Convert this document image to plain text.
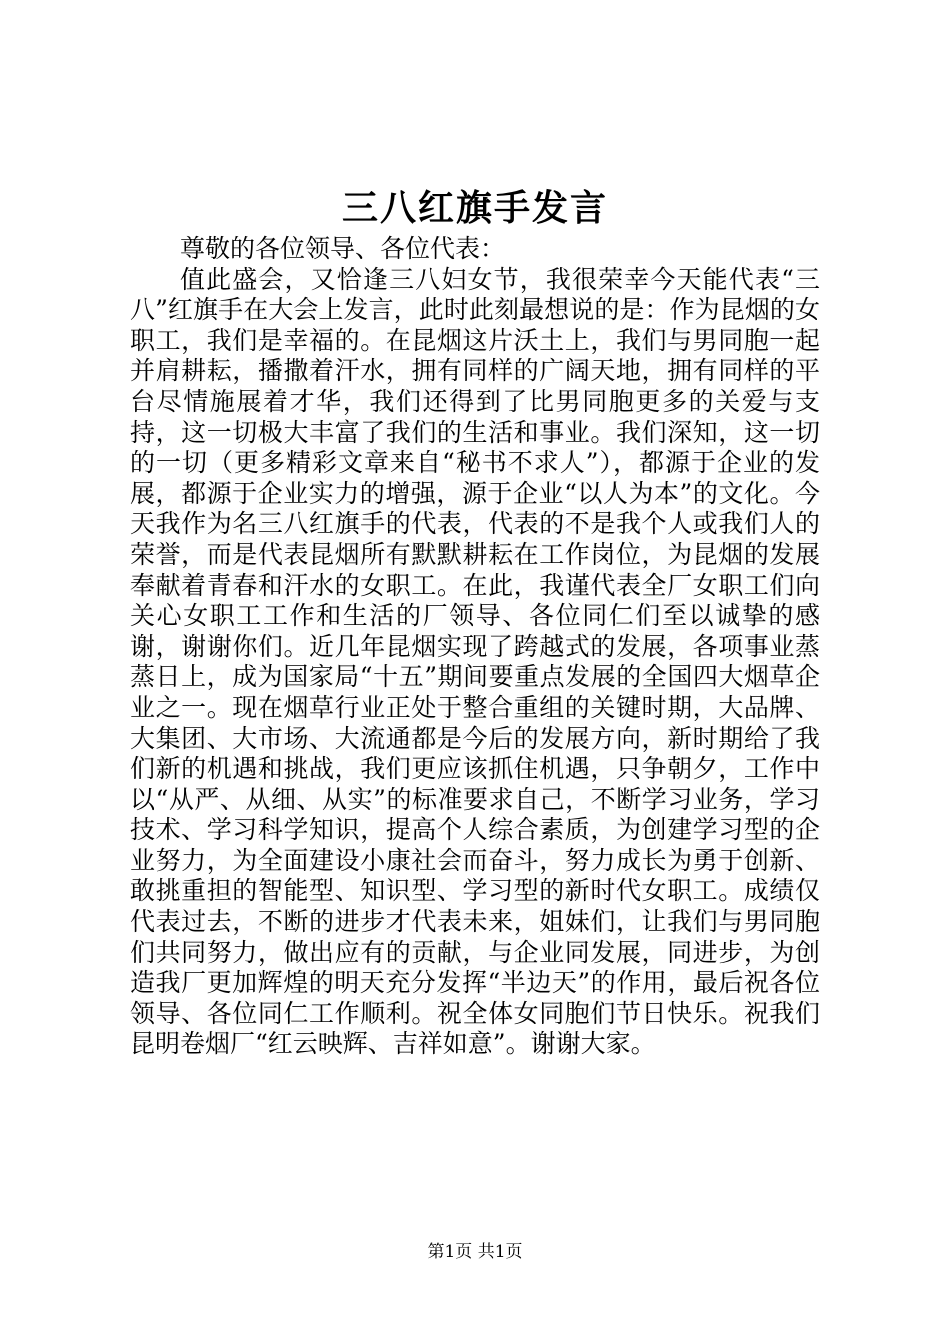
三八红旗手发言

尊敬的各位领导、各位代表：

值此盛会，又恰逢三八妇女节，我很荣幸今天能代表“三八”红旗手在大会上发言，此时此刻最想说的是：作为昆烟的女职工，我们是幸福的。在昆烟这片沃土上，我们与男同胞一起并肩耕耘，播撒着汗水，拥有同样的广阔天地，拥有同样的平台尽情施展着才华，我们还得到了比男同胞更多的关爱与支持，这一切极大丰富了我们的生活和事业。我们深知，这一切的一切（更多精彩文章来自“秘书不求人”），都源于企业的发展，都源于企业实力的增强，源于企业“以人为本”的文化。今天我作为名三八红旗手的代表，代表的不是我个人或我们人的荣誉，而是代表昆烟所有默默耕耘在工作岗位，为昆烟的发展奉献着青春和汗水的女职工。在此，我谨代表全厂女职工们向关心女职工工作和生活的厂领导、各位同仁们至以诚挚的感谢，谢谢你们。近几年昆烟实现了跨越式的发展，各项事业蒸蒸日上，成为国家局“十五”期间要重点发展的全国四大烟草企业之一。现在烟草行业正处于整合重组的关键时期，大品牌、大集团、大市场、大流通都是今后的发展方向，新时期给了我们新的机遇和挑战，我们更应该抓住机遇，只争朝夕，工作中以“从严、从细、从实”的标准要求自己，不断学习业务，学习技术、学习科学知识，提高个人综合素质，为创建学习型的企业努力，为全面建设小康社会而奋斗，努力成长为勇于创新、敢挑重担的智能型、知识型、学习型的新时代女职工。成绩仅代表过去，不断的进步才代表未来，姐妹们，让我们与男同胞们共同努力，做出应有的贡献，与企业同发展，同进步，为创造我厂更加辉煌的明天充分发挥“半边天”的作用，最后祝各位领导、各位同仁工作顺利。祝全体女同胞们节日快乐。祝我们昆明卷烟厂“红云映辉、吉祥如意”。谢谢大家。

第1页 共1页
